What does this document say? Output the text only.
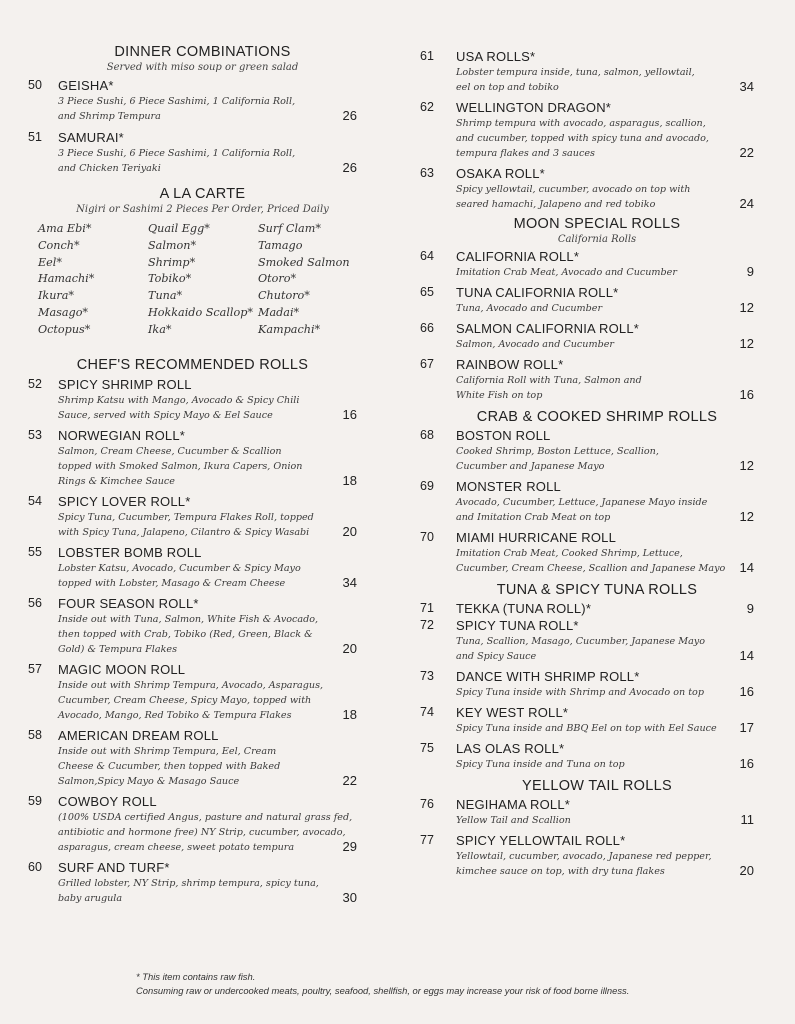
DINNER COMBINATIONS
Served with miso soup or green salad
50 GEISHA*
3 Piece Sushi, 6 Piece Sashimi, 1 California Roll, and Shrimp Tempura	26
51 SAMURAI*
3 Piece Sushi, 6 Piece Sashimi, 1 California Roll, and Chicken Teriyaki	26
A LA CARTE
Nigiri or Sashimi 2 Pieces Per Order, Priced Daily
Ama Ebi*	Quail Egg*	Surf Clam*
Conch*	Salmon*	Tamago
Eel*	Shrimp*	Smoked Salmon
Hamachi*	Tobiko*	Otoro*
Ikura*	Tuna*	Chutoro*
Masago*	Hokkaido Scallop* Madai*
Octopus*	Ika*	Kampachi*
CHEF'S RECOMMENDED ROLLS
52 SPICY SHRIMP ROLL
Shrimp Katsu with Mango, Avocado & Spicy Chili Sauce, served with Spicy Mayo & Eel Sauce	16
53 NORWEGIAN ROLL*
Salmon, Cream Cheese, Cucumber & Scallion topped with Smoked Salmon, Ikura Capers, Onion Rings & Kimchee Sauce	18
54 SPICY LOVER ROLL*
Spicy Tuna, Cucumber, Tempura Flakes Roll, topped with Spicy Tuna, Jalapeno, Cilantro & Spicy Wasabi	20
55 LOBSTER BOMB ROLL
Lobster Katsu, Avocado, Cucumber & Spicy Mayo topped with Lobster, Masago & Cream Cheese	34
56 FOUR SEASON ROLL*
Inside out with Tuna, Salmon, White Fish & Avocado, then topped with Crab, Tobiko (Red, Green, Black & Gold) & Tempura Flakes	20
57 MAGIC MOON ROLL
Inside out with Shrimp Tempura, Avocado, Asparagus, Cucumber, Cream Cheese, Spicy Mayo, topped with Avocado, Mango, Red Tobiko & Tempura Flakes	18
58 AMERICAN DREAM ROLL
Inside out with Shrimp Tempura, Eel, Cream Cheese & Cucumber, then topped with Baked Salmon,Spicy Mayo & Masago Sauce	22
59 COWBOY ROLL
(100% USDA certified Angus, pasture and natural grass fed, antibiotic and hormone free) NY Strip, cucumber, avocado, asparagus, cream cheese, sweet potato tempura	29
60 SURF AND TURF*
Grilled lobster, NY Strip, shrimp tempura, spicy tuna, baby arugula	30
61 USA ROLLS*
Lobster tempura inside, tuna, salmon, yellowtail, eel on top and tobiko	34
62 WELLINGTON DRAGON*
Shrimp tempura with avocado, asparagus, scallion, and cucumber, topped with spicy tuna and avocado, tempura flakes and 3 sauces	22
63 OSAKA ROLL*
Spicy yellowtail, cucumber, avocado on top with seared hamachi, Jalapeno and red tobiko	24
MOON SPECIAL ROLLS
California Rolls
64 CALIFORNIA ROLL*
Imitation Crab Meat, Avocado and Cucumber	9
65 TUNA CALIFORNIA ROLL*
Tuna, Avocado and Cucumber	12
66 SALMON CALIFORNIA ROLL*
Salmon, Avocado and Cucumber	12
67 RAINBOW ROLL*
California Roll with Tuna, Salmon and White Fish on top	16
CRAB & COOKED SHRIMP ROLLS
68 BOSTON ROLL
Cooked Shrimp, Boston Lettuce, Scallion, Cucumber and Japanese Mayo	12
69 MONSTER ROLL
Avocado, Cucumber, Lettuce, Japanese Mayo inside and Imitation Crab Meat on top	12
70 MIAMI HURRICANE ROLL
Imitation Crab Meat, Cooked Shrimp, Lettuce, Cucumber, Cream Cheese, Scallion and Japanese Mayo 14
TUNA & SPICY TUNA ROLLS
71 TEKKA (TUNA ROLL)*	9
72 SPICY TUNA ROLL*
Tuna, Scallion, Masago, Cucumber, Japanese Mayo and Spicy Sauce	14
73 DANCE WITH SHRIMP ROLL*
Spicy Tuna inside with Shrimp and Avocado on top	16
74 KEY WEST ROLL*
Spicy Tuna inside and BBQ Eel on top with Eel Sauce	17
75 LAS OLAS ROLL*
Spicy Tuna inside and Tuna on top	16
YELLOW TAIL ROLLS
76 NEGIHAMA ROLL*
Yellow Tail and Scallion	11
77 SPICY YELLOWTAIL ROLL*
Yellowtail, cucumber, avocado, Japanese red pepper, kimchee sauce on top, with dry tuna flakes	20
* This item contains raw fish.
Consuming raw or undercooked meats, poultry, seafood, shellfish, or eggs may increase your risk of food borne illness.
